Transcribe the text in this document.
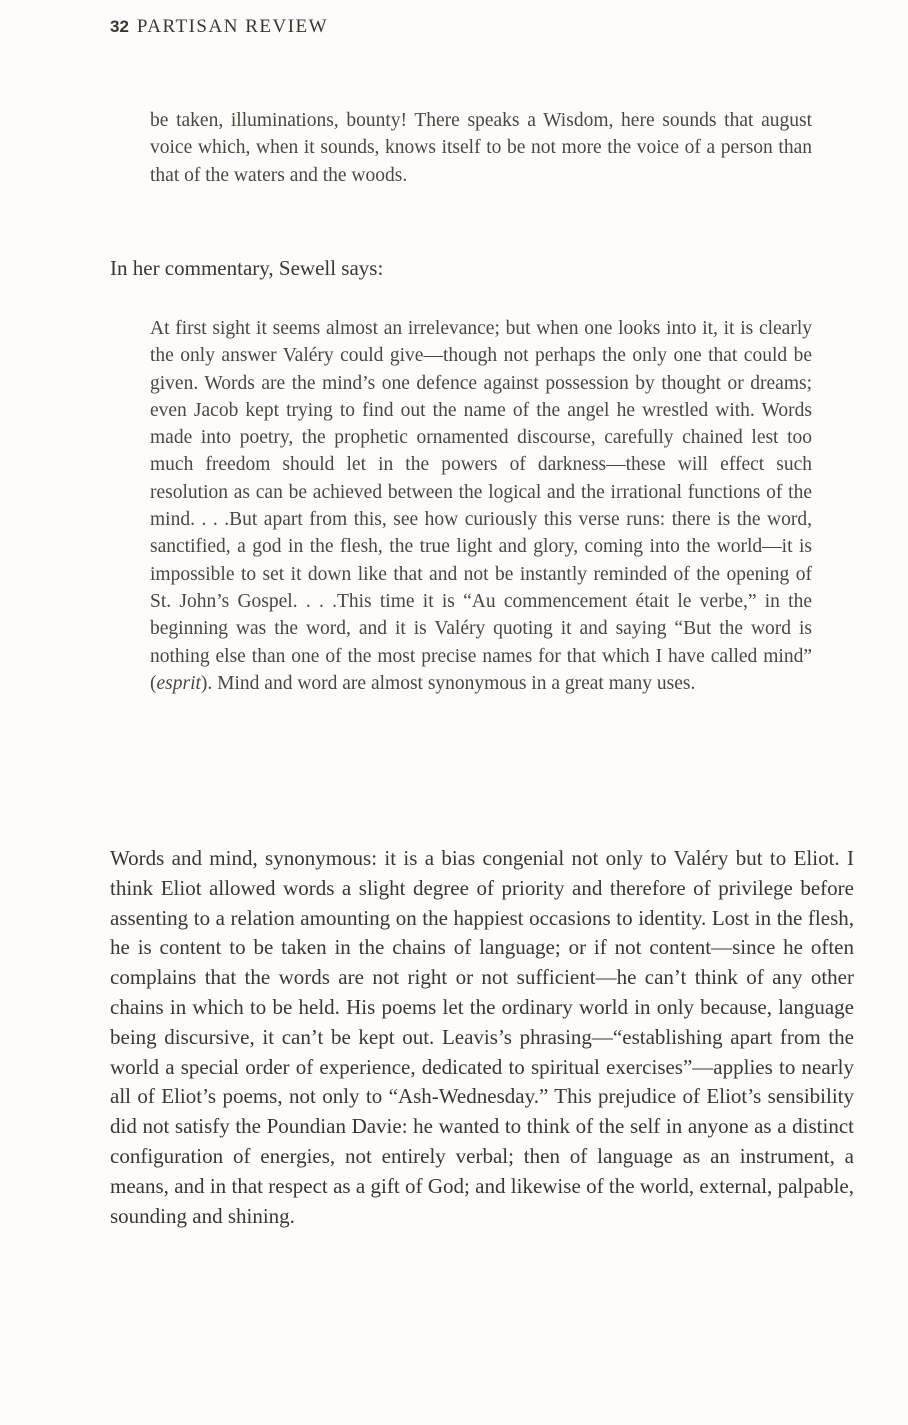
32 PARTISAN REVIEW

be taken, illuminations, bounty! There speaks a Wisdom, here sounds that august voice which, when it sounds, knows itself to be not more the voice of a person than that of the waters and the woods.

In her commentary, Sewell says:

At first sight it seems almost an irrelevance; but when one looks into it, it is clearly the only answer Valéry could give—though not perhaps the only one that could be given. Words are the mind’s one defence against possession by thought or dreams; even Jacob kept trying to find out the name of the angel he wrestled with. Words made into poetry, the prophetic ornamented discourse, carefully chained lest too much freedom should let in the powers of darkness—these will effect such resolution as can be achieved between the logical and the irrational functions of the mind. . . .But apart from this, see how curiously this verse runs: there is the word, sanctified, a god in the flesh, the true light and glory, coming into the world—it is impossible to set it down like that and not be instantly reminded of the opening of St. John’s Gospel. . . .This time it is “Au commencement était le verbe,” in the beginning was the word, and it is Valéry quoting it and saying “But the word is nothing else than one of the most precise names for that which I have called mind” (esprit). Mind and word are almost synonymous in a great many uses.

Words and mind, synonymous: it is a bias congenial not only to Valéry but to Eliot. I think Eliot allowed words a slight degree of priority and therefore of privilege before assenting to a relation amounting on the happiest occasions to identity. Lost in the flesh, he is content to be taken in the chains of language; or if not content—since he often complains that the words are not right or not sufficient—he can’t think of any other chains in which to be held. His poems let the ordinary world in only because, language being discursive, it can’t be kept out. Leavis’s phrasing—“establishing apart from the world a special order of experience, dedicated to spiritual exercises”—applies to nearly all of Eliot’s poems, not only to “Ash-Wednesday.” This prejudice of Eliot’s sensibility did not satisfy the Poundian Davie: he wanted to think of the self in anyone as a distinct configuration of energies, not entirely verbal; then of language as an instrument, a means, and in that respect as a gift of God; and likewise of the world, external, palpable, sounding and shining.
